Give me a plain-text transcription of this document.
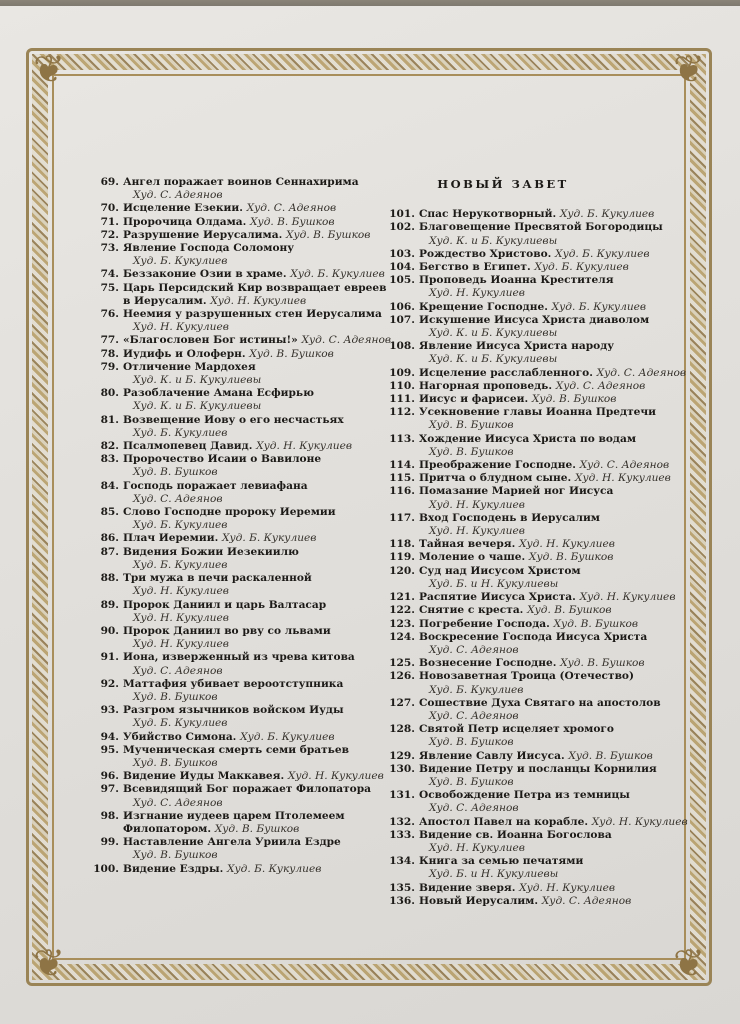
❦	❦
❦	❦
69. Ангел поражает воинов Сеннахирима
Худ. С. Адеянов
70. Исцеление Езекии. Худ. С. Адеянов
71. Пророчица Олдама. Худ. В. Бушков
72. Разрушение Иерусалима. Худ. В. Бушков
73. Явление Господа Соломону
Худ. Б. Кукулиев
74. Беззаконие Озии в храме. Худ. Б. Кукулиев
75. Царь Персидский Кир возвращает евреев
в Иерусалим. Худ. Н. Кукулиев
76. Неемия у разрушенных стен Иерусалима
Худ. Н. Кукулиев
77. «Благословен Бог истины!» Худ. С. Адеянов
78. Иудифь и Олоферн. Худ. В. Бушков
79. Отличение Мардохея
Худ. К. и Б. Кукулиевы
80. Разоблачение Амана Есфирью
Худ. К. и Б. Кукулиевы
81. Возвещение Иову о его несчастьях
Худ. Б. Кукулиев
82. Псалмопевец Давид. Худ. Н. Кукулиев
83. Пророчество Исаии о Вавилоне
Худ. В. Бушков
84. Господь поражает левиафана
Худ. С. Адеянов
85. Слово Господне пророку Иеремии
Худ. Б. Кукулиев
86. Плач Иеремии. Худ. Б. Кукулиев
87. Видения Божии Иезекиилю
Худ. Б. Кукулиев
88. Три мужа в печи раскаленной
Худ. Н. Кукулиев
89. Пророк Даниил и царь Валтасар
Худ. Н. Кукулиев
90. Пророк Даниил во рву со львами
Худ. Н. Кукулиев
91. Иона, изверженный из чрева китова
Худ. С. Адеянов
92. Маттафия убивает вероотступника
Худ. В. Бушков
93. Разгром язычников войском Иуды
Худ. Б. Кукулиев
94. Убийство Симона. Худ. Б. Кукулиев
95. Мученическая смерть семи братьев
Худ. В. Бушков
96. Видение Иуды Маккавея. Худ. Н. Кукулиев
97. Всевидящий Бог поражает Филопатора
Худ. С. Адеянов
98. Изгнание иудеев царем Птолемеем
Филопатором. Худ. В. Бушков
99. Наставление Ангела Уриила Ездре
Худ. В. Бушков
100. Видение Ездры. Худ. Б. Кукулиев
НОВЫЙ ЗАВЕТ
101. Спас Нерукотворный. Худ. Б. Кукулиев
102. Благовещение Пресвятой Богородицы
Худ. К. и Б. Кукулиевы
103. Рождество Христово. Худ. Б. Кукулиев
104. Бегство в Египет. Худ. Б. Кукулиев
105. Проповедь Иоанна Крестителя
Худ. Н. Кукулиев
106. Крещение Господне. Худ. Б. Кукулиев
107. Искушение Иисуса Христа диаволом
Худ. К. и Б. Кукулиевы
108. Явление Иисуса Христа народу
Худ. К. и Б. Кукулиевы
109. Исцеление расслабленного. Худ. С. Адеянов
110. Нагорная проповедь. Худ. С. Адеянов
111. Иисус и фарисеи. Худ. В. Бушков
112. Усекновение главы Иоанна Предтечи
Худ. В. Бушков
113. Хождение Иисуса Христа по водам
Худ. В. Бушков
114. Преображение Господне. Худ. С. Адеянов
115. Притча о блудном сыне. Худ. Н. Кукулиев
116. Помазание Марией ног Иисуса
Худ. Н. Кукулиев
117. Вход Господень в Иерусалим
Худ. Н. Кукулиев
118. Тайная вечеря. Худ. Н. Кукулиев
119. Моление о чаше. Худ. В. Бушков
120. Суд над Иисусом Христом
Худ. Б. и Н. Кукулиевы
121. Распятие Иисуса Христа. Худ. Н. Кукулиев
122. Снятие с креста. Худ. В. Бушков
123. Погребение Господа. Худ. В. Бушков
124. Воскресение Господа Иисуса Христа
Худ. С. Адеянов
125. Вознесение Господне. Худ. В. Бушков
126. Новозаветная Троица (Отечество)
Худ. Б. Кукулиев
127. Сошествие Духа Святаго на апостолов
Худ. С. Адеянов
128. Святой Петр исцеляет хромого
Худ. В. Бушков
129. Явление Савлу Иисуса. Худ. В. Бушков
130. Видение Петру и посланцы Корнилия
Худ. В. Бушков
131. Освобождение Петра из темницы
Худ. С. Адеянов
132. Апостол Павел на корабле. Худ. Н. Кукулиев
133. Видение св. Иоанна Богослова
Худ. Н. Кукулиев
134. Книга за семью печатями
Худ. Б. и Н. Кукулиевы
135. Видение зверя. Худ. Н. Кукулиев
136. Новый Иерусалим. Худ. С. Адеянов
